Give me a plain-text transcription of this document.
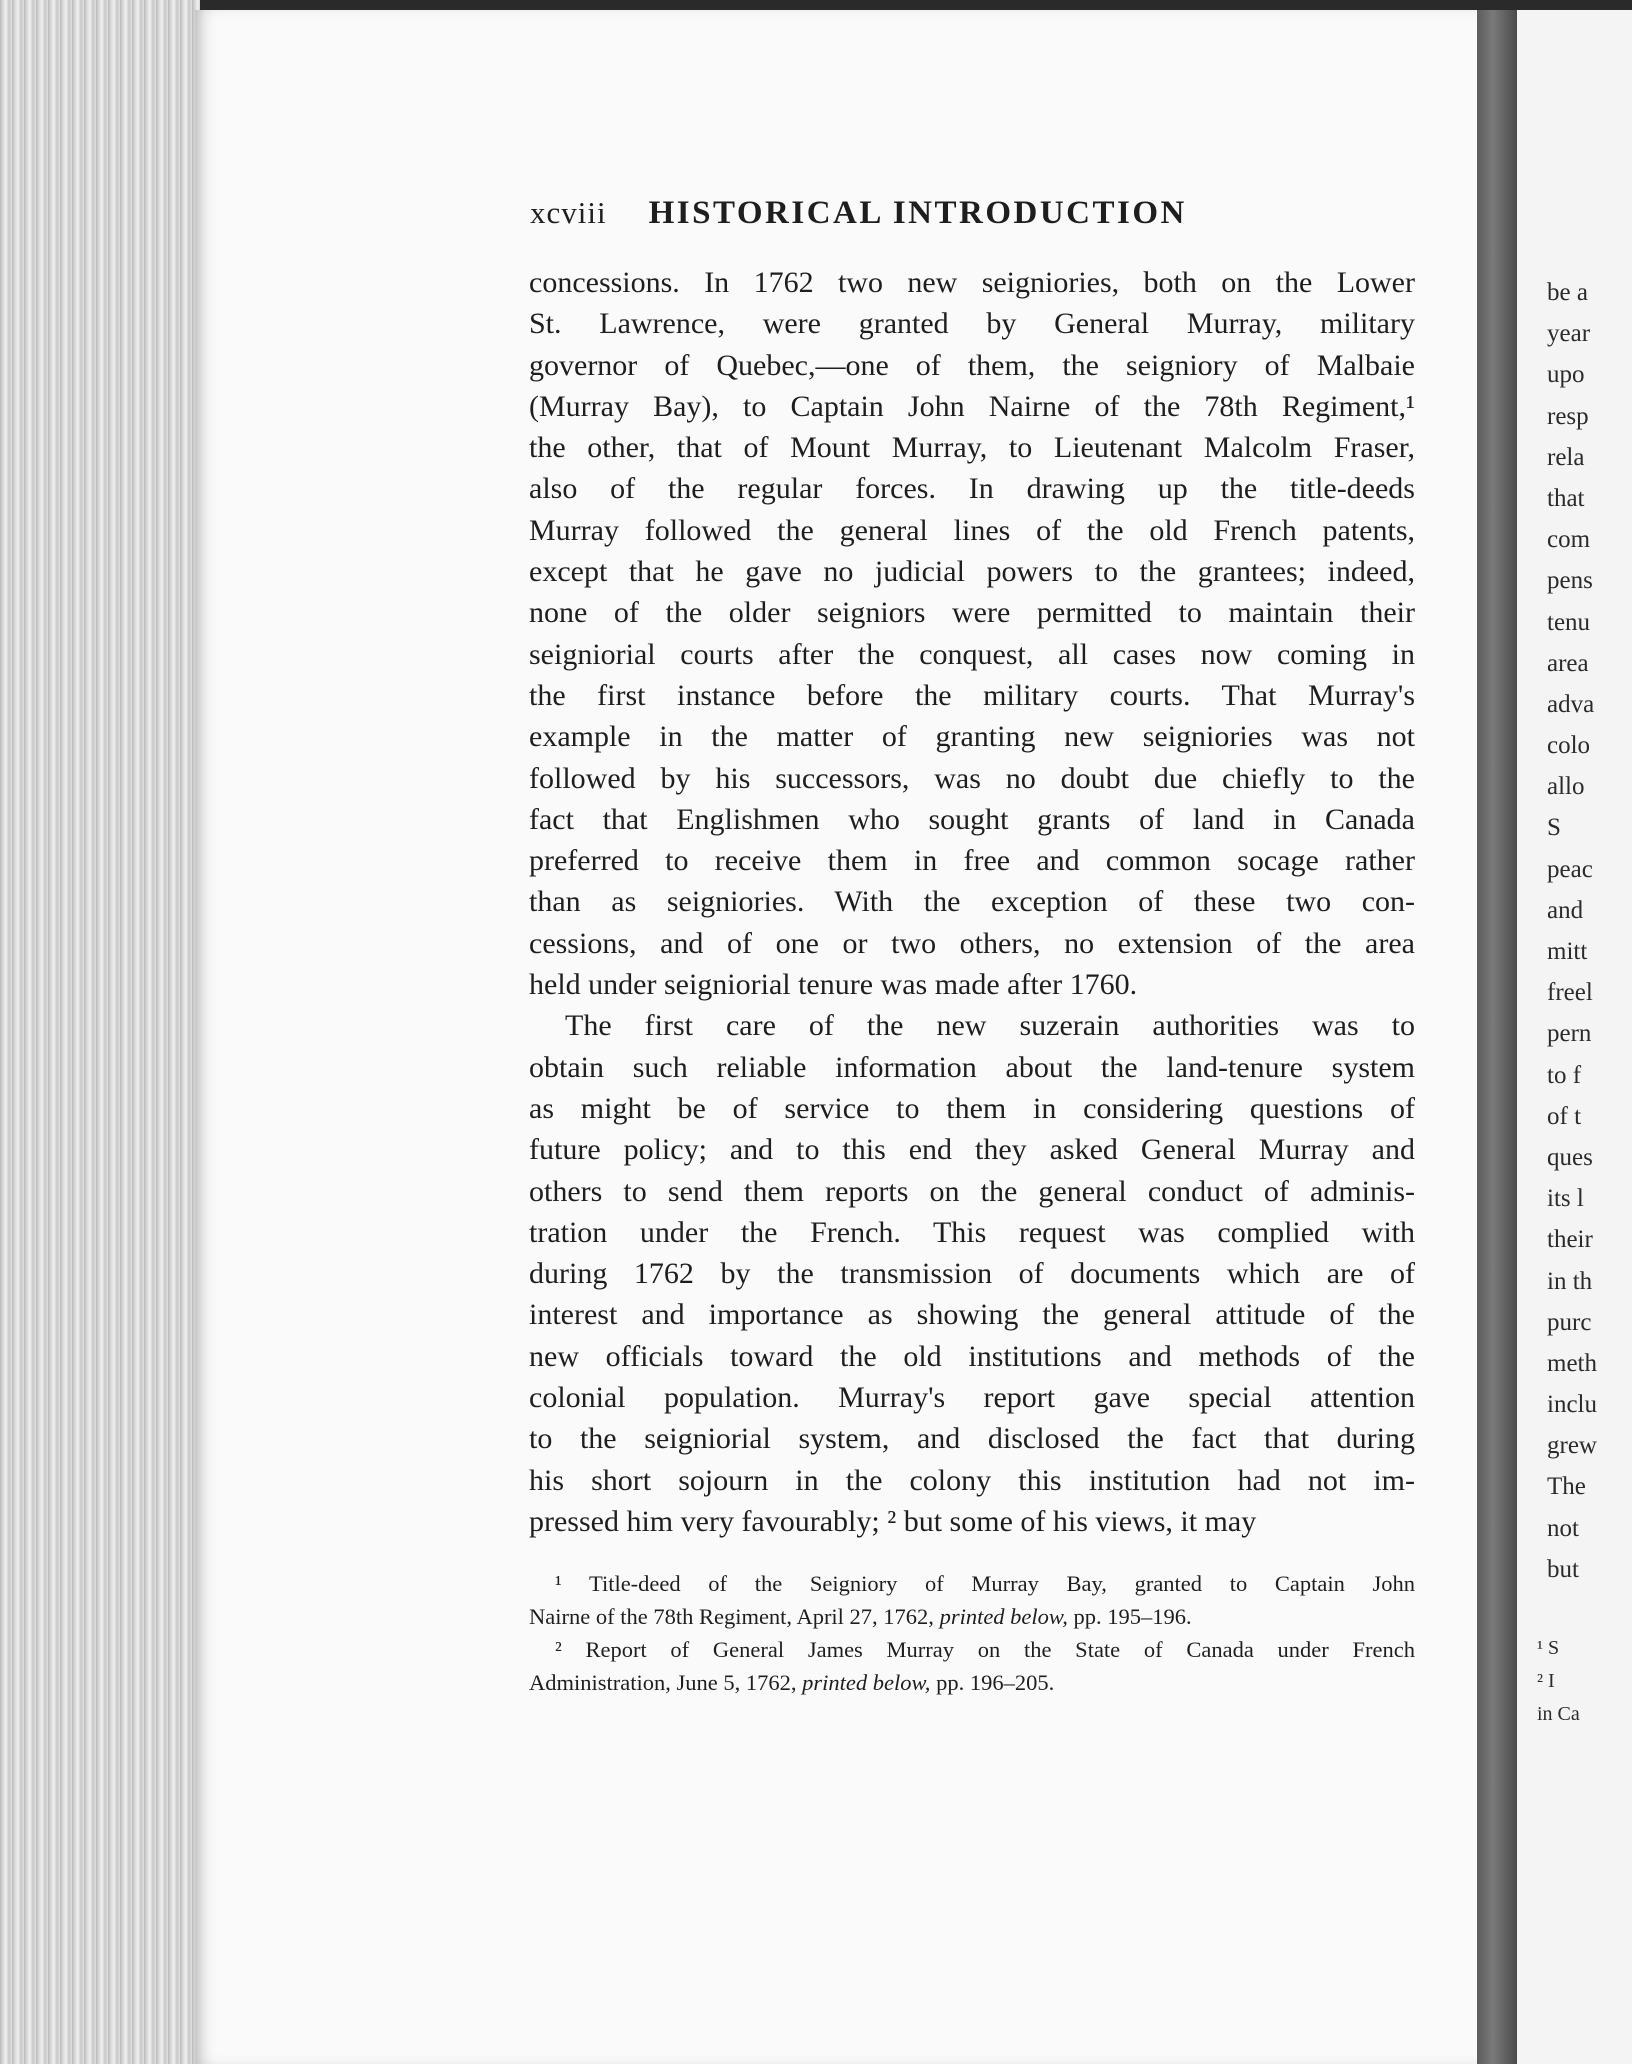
be a
year
upo
resp
rela
that
com
pens
tenu
area
adva
colo
allo
S
peac
and
mitt
freel
pern
to f
of t
ques
its l
their
in th
purc
meth
inclu
grew
The
not
but
¹ S
² I
in Ca
xcviii HISTORICAL INTRODUCTION
concessions. In 1762 two new seigniories, both on the Lower
St. Lawrence, were granted by General Murray, military
governor of Quebec,—one of them, the seigniory of Malbaie
(Murray Bay), to Captain John Nairne of the 78th Regiment,¹
the other, that of Mount Murray, to Lieutenant Malcolm Fraser,
also of the regular forces. In drawing up the title-deeds
Murray followed the general lines of the old French patents,
except that he gave no judicial powers to the grantees; indeed,
none of the older seigniors were permitted to maintain their
seigniorial courts after the conquest, all cases now coming in
the first instance before the military courts. That Murray's
example in the matter of granting new seigniories was not
followed by his successors, was no doubt due chiefly to the
fact that Englishmen who sought grants of land in Canada
preferred to receive them in free and common socage rather
than as seigniories. With the exception of these two con-
cessions, and of one or two others, no extension of the area
held under seigniorial tenure was made after 1760.
The first care of the new suzerain authorities was to
obtain such reliable information about the land-tenure system
as might be of service to them in considering questions of
future policy; and to this end they asked General Murray and
others to send them reports on the general conduct of adminis-
tration under the French. This request was complied with
during 1762 by the transmission of documents which are of
interest and importance as showing the general attitude of the
new officials toward the old institutions and methods of the
colonial population. Murray's report gave special attention
to the seigniorial system, and disclosed the fact that during
his short sojourn in the colony this institution had not im-
pressed him very favourably; ² but some of his views, it may
¹ Title-deed of the Seigniory of Murray Bay, granted to Captain John
Nairne of the 78th Regiment, April 27, 1762, printed below, pp. 195–196.
² Report of General James Murray on the State of Canada under French
Administration, June 5, 1762, printed below, pp. 196–205.
